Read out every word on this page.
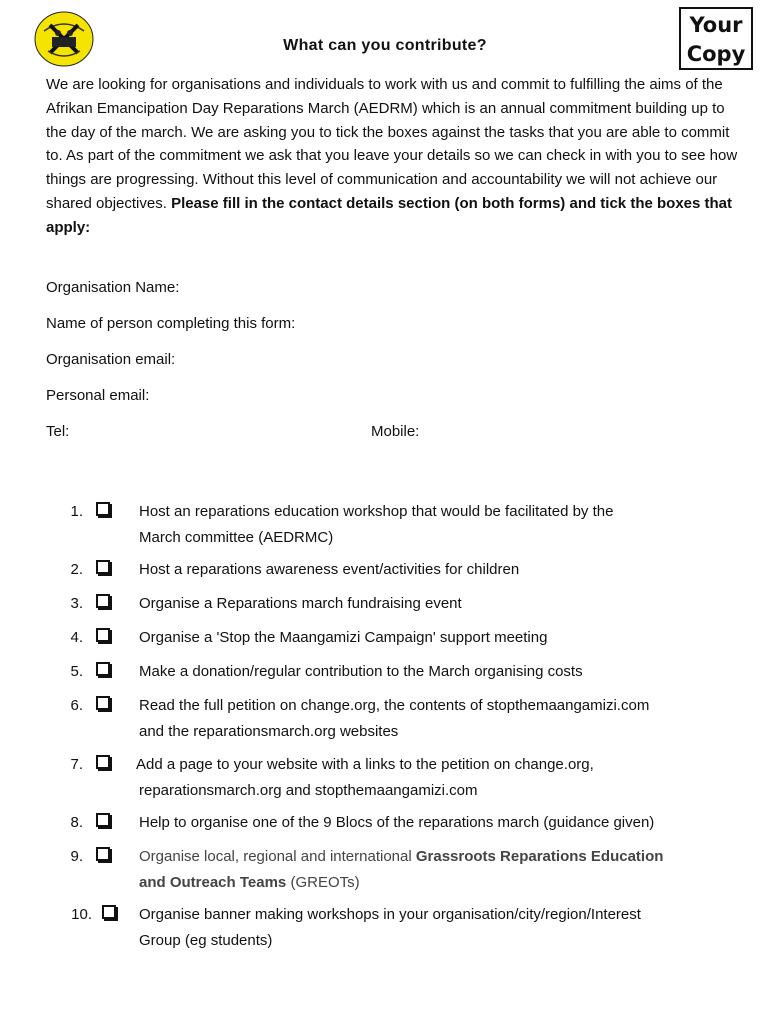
Your
Copy
What can you contribute?
We are looking for organisations and individuals to work with us and commit to fulfilling the aims of the Afrikan Emancipation Day Reparations March (AEDRM) which is an annual commitment building up to the day of the march. We are asking you to tick the boxes against the tasks that you are able to commit to. As part of the commitment we ask that you leave your details so we can check in with you to see how things are progressing. Without this level of communication and accountability we will not achieve our shared objectives. Please fill in the contact details section (on both forms) and tick the boxes that apply:
Organisation Name:
Name of person completing this form:
Organisation email:
Personal email:
Tel:	Mobile:
1.	Host an reparations education workshop that would be facilitated by the
March committee (AEDRMC)
2.	Host a reparations awareness event/activities for children
3.	Organise a Reparations march fundraising event
4.	Organise a 'Stop the Maangamizi Campaign' support meeting
5.	Make a donation/regular contribution to the March organising costs
6.	Read the full petition on change.org, the contents of stopthemaangamizi.com
and the reparationsmarch.org websites
7.	Add a page to your website with a links to the petition on change.org,
reparationsmarch.org and stopthemaangamizi.com
8.	Help to organise one of the 9 Blocs of the reparations march (guidance given)
9.	Organise local, regional and international Grassroots Reparations Education
and Outreach Teams (GREOTs)
10.	Organise banner making workshops in your organisation/city/region/Interest
Group (eg students)
